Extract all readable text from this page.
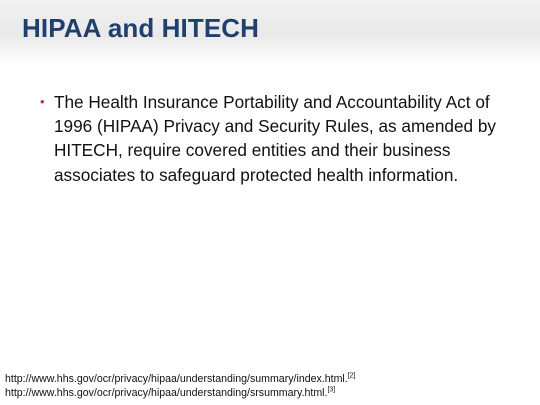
HIPAA and HITECH
• The Health Insurance Portability and Accountability Act of 1996 (HIPAA) Privacy and Security Rules, as amended by HITECH, require covered entities and their business associates to safeguard protected health information.
http://www.hhs.gov/ocr/privacy/hipaa/understanding/summary/index.html.[2]
http://www.hhs.gov/ocr/privacy/hipaa/understanding/srsummary.html.[3]
